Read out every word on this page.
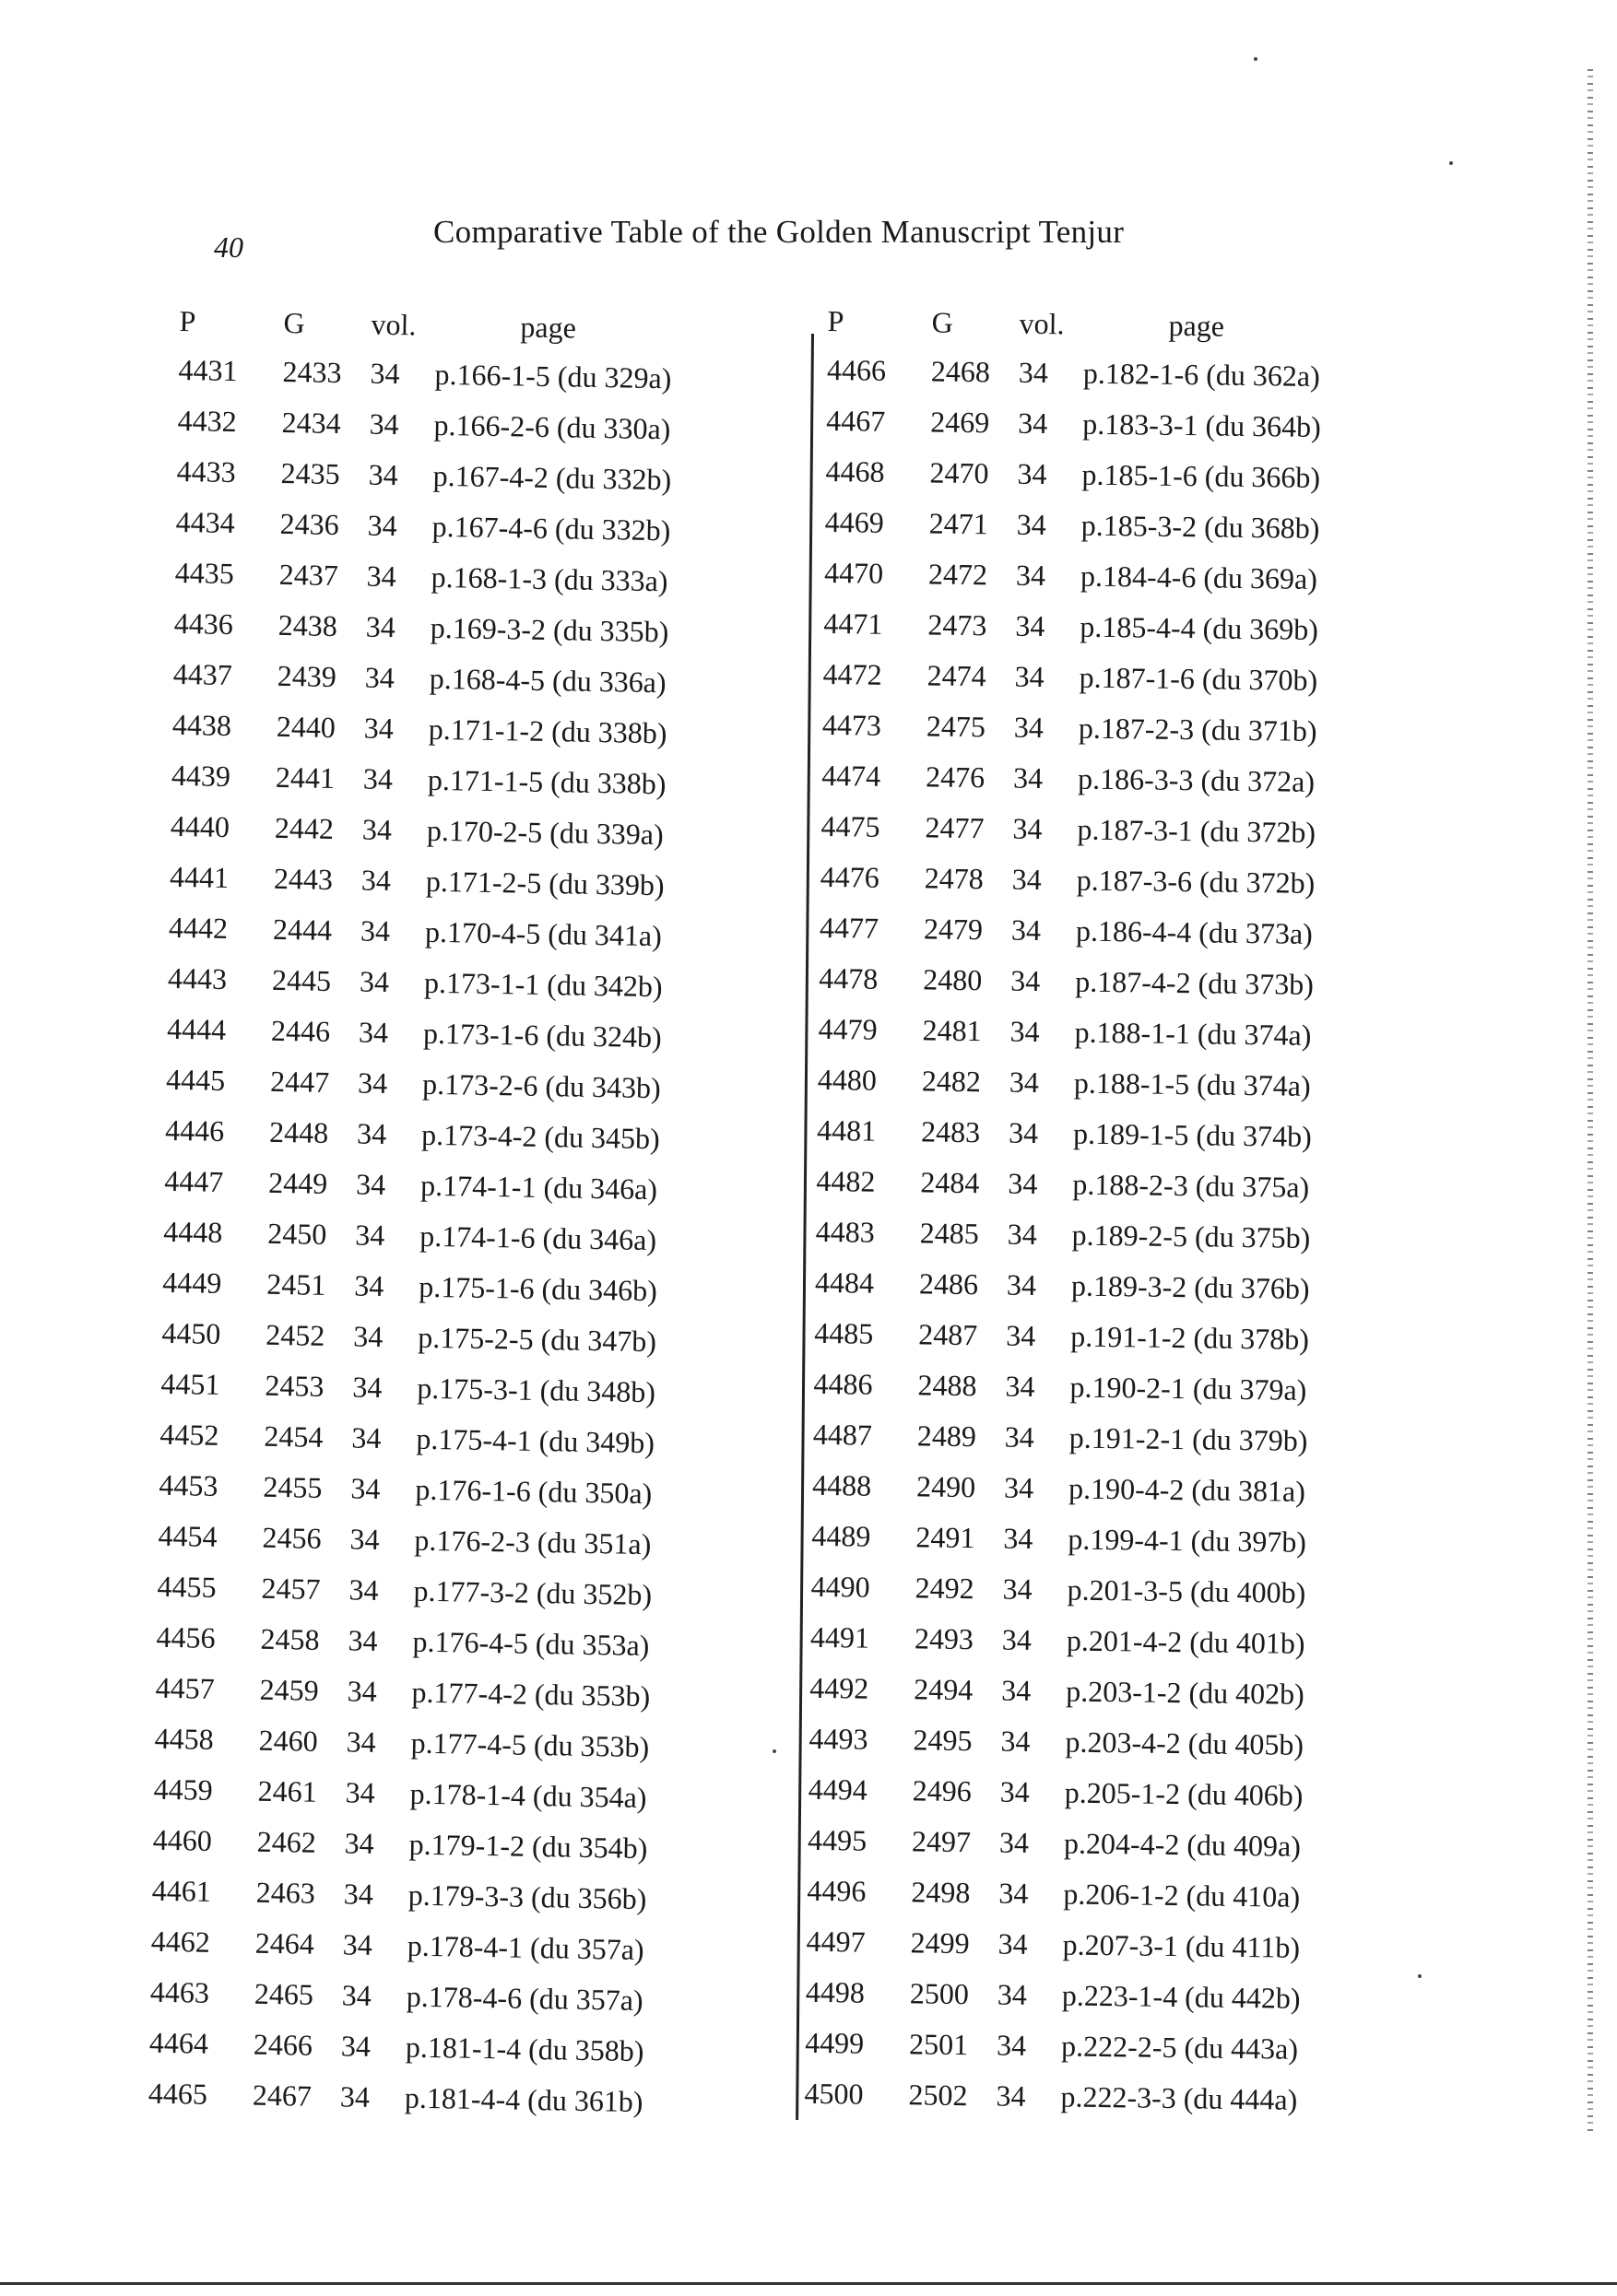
40	Comparative Table of the Golden Manuscript Tenjur
P	G	vol.	page
4431	2433 34	p.166-1-5 (du 329a)
4432	2434 34	p.166-2-6 (du 330a)
4433	2435 34	p.167-4-2 (du 332b)
4434	2436 34	p.167-4-6 (du 332b)
4435	2437 34	p.168-1-3 (du 333a)
4436	2438 34	p.169-3-2 (du 335b)
4437	2439 34	p.168-4-5 (du 336a)
4438	2440 34	p.171-1-2 (du 338b)
4439	2441 34	p.171-1-5 (du 338b)
4440	2442 34	p.170-2-5 (du 339a)
4441	2443 34	p.171-2-5 (du 339b)
4442	2444 34	p.170-4-5 (du 341a)
4443	2445 34	p.173-1-1 (du 342b)
4444	2446 34	p.173-1-6 (du 324b)
4445	2447 34	p.173-2-6 (du 343b)
4446	2448 34	p.173-4-2 (du 345b)
4447	2449 34	p.174-1-1 (du 346a)
4448	2450 34	p.174-1-6 (du 346a)
4449	2451 34	p.175-1-6 (du 346b)
4450	2452 34	p.175-2-5 (du 347b)
4451	2453 34	p.175-3-1 (du 348b)
4452	2454 34	p.175-4-1 (du 349b)
4453	2455 34	p.176-1-6 (du 350a)
4454	2456 34	p.176-2-3 (du 351a)
4455	2457 34	p.177-3-2 (du 352b)
4456	2458 34	p.176-4-5 (du 353a)
4457	2459 34	p.177-4-2 (du 353b)
4458	2460 34	p.177-4-5 (du 353b)
4459	2461 34	p.178-1-4 (du 354a)
4460	2462 34	p.179-1-2 (du 354b)
4461	2463 34	p.179-3-3 (du 356b)
4462	2464 34	p.178-4-1 (du 357a)
4463	2465 34	p.178-4-6 (du 357a)
4464	2466 34	p.181-1-4 (du 358b)
4465	2467 34	p.181-4-4 (du 361b)
P	G	vol.	page
4466	2468 34	p.182-1-6 (du 362a)
4467	2469 34	p.183-3-1 (du 364b)
4468	2470 34	p.185-1-6 (du 366b)
4469	2471 34	p.185-3-2 (du 368b)
4470	2472 34	p.184-4-6 (du 369a)
4471	2473 34	p.185-4-4 (du 369b)
4472	2474 34	p.187-1-6 (du 370b)
4473	2475 34	p.187-2-3 (du 371b)
4474	2476 34	p.186-3-3 (du 372a)
4475	2477 34	p.187-3-1 (du 372b)
4476	2478 34	p.187-3-6 (du 372b)
4477	2479 34	p.186-4-4 (du 373a)
4478	2480 34	p.187-4-2 (du 373b)
4479	2481 34	p.188-1-1 (du 374a)
4480	2482 34	p.188-1-5 (du 374a)
4481	2483 34	p.189-1-5 (du 374b)
4482	2484 34	p.188-2-3 (du 375a)
4483	2485 34	p.189-2-5 (du 375b)
4484	2486 34	p.189-3-2 (du 376b)
4485	2487 34	p.191-1-2 (du 378b)
4486	2488 34	p.190-2-1 (du 379a)
4487	2489 34	p.191-2-1 (du 379b)
4488	2490 34	p.190-4-2 (du 381a)
4489	2491 34	p.199-4-1 (du 397b)
4490	2492 34	p.201-3-5 (du 400b)
4491	2493 34	p.201-4-2 (du 401b)
4492	2494 34	p.203-1-2 (du 402b)
4493	2495 34	p.203-4-2 (du 405b)
4494	2496 34	p.205-1-2 (du 406b)
4495	2497 34	p.204-4-2 (du 409a)
4496	2498 34	p.206-1-2 (du 410a)
4497	2499 34	p.207-3-1 (du 411b)
4498	2500 34	p.223-1-4 (du 442b)
4499	2501 34	p.222-2-5 (du 443a)
4500	2502 34	p.222-3-3 (du 444a)
